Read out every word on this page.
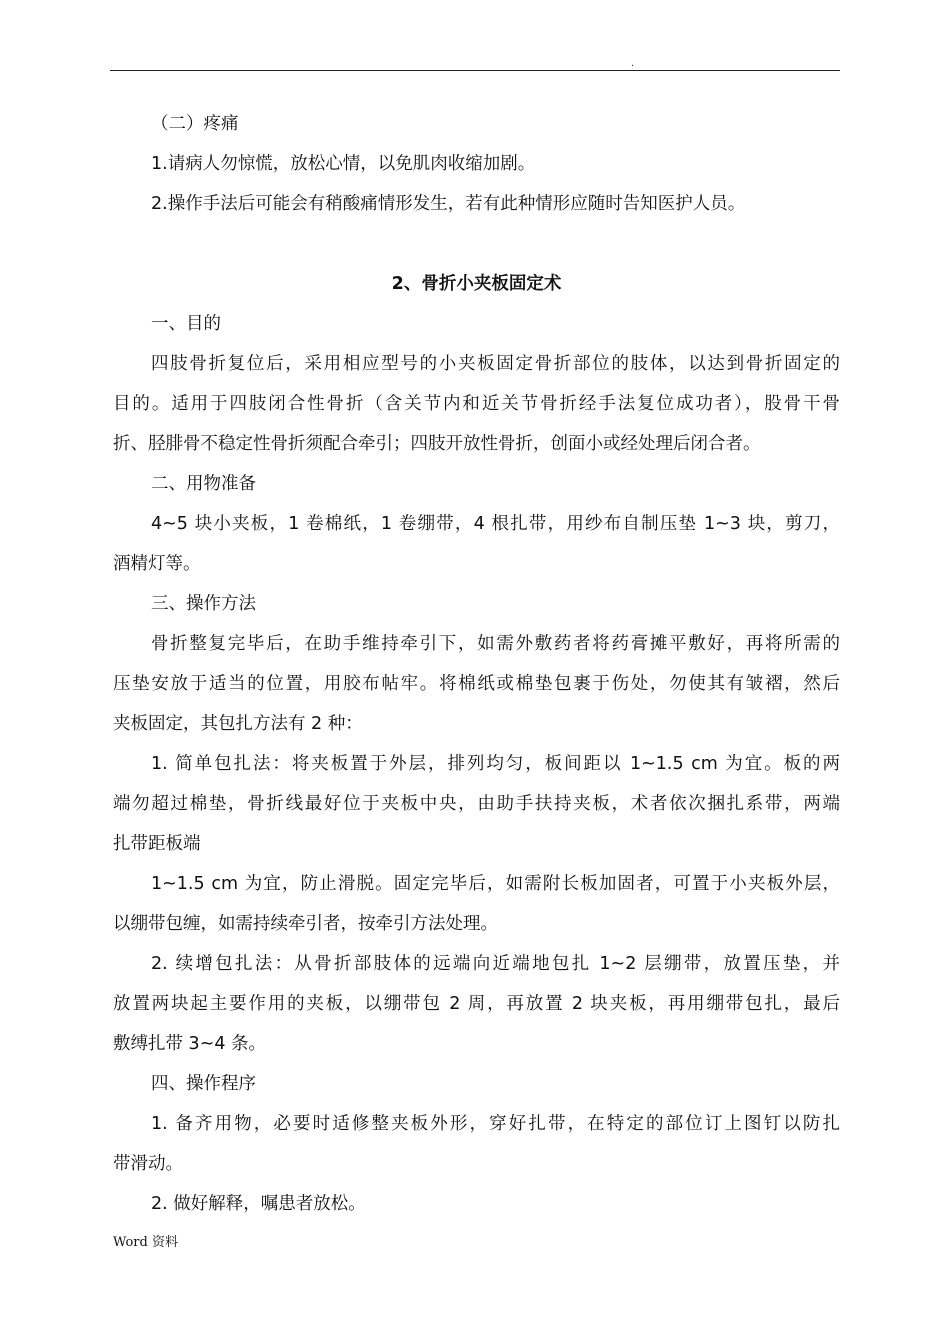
.
（二）疼痛
1.请病人勿惊慌，放松心情，以免肌肉收缩加剧。
2.操作手法后可能会有稍酸痛情形发生，若有此种情形应随时告知医护人员。
2、骨折小夹板固定术
一、目的
四肢骨折复位后，采用相应型号的小夹板固定骨折部位的肢体，以达到骨折固定的
目的。适用于四肢闭合性骨折（含关节内和近关节骨折经手法复位成功者），股骨干骨
折、胫腓骨不稳定性骨折须配合牵引；四肢开放性骨折，创面小或经处理后闭合者。
二、用物准备
4~5 块小夹板，1 卷棉纸，1 卷绷带，4 根扎带，用纱布自制压垫 1~3 块，剪刀，
酒精灯等。
三、操作方法
骨折整复完毕后，在助手维持牵引下，如需外敷药者将药膏摊平敷好，再将所需的
压垫安放于适当的位置，用胶布帖牢。将棉纸或棉垫包裹于伤处，勿使其有皱褶，然后
夹板固定，其包扎方法有 2 种：
1. 简单包扎法：将夹板置于外层，排列均匀，板间距以 1~1.5 cm 为宜。板的两
端勿超过棉垫，骨折线最好位于夹板中央，由助手扶持夹板，术者依次捆扎系带，两端
扎带距板端
1~1.5 cm 为宜，防止滑脱。固定完毕后，如需附长板加固者，可置于小夹板外层，
以绷带包缠，如需持续牵引者，按牵引方法处理。
2. 续增包扎法：从骨折部肢体的远端向近端地包扎 1~2 层绷带，放置压垫，并
放置两块起主要作用的夹板，以绷带包 2 周，再放置 2 块夹板，再用绷带包扎，最后
敷缚扎带 3~4 条。
四、操作程序
1. 备齐用物，必要时适修整夹板外形，穿好扎带，在特定的部位订上图钉以防扎
带滑动。
2. 做好解释，嘱患者放松。
Word 资料
